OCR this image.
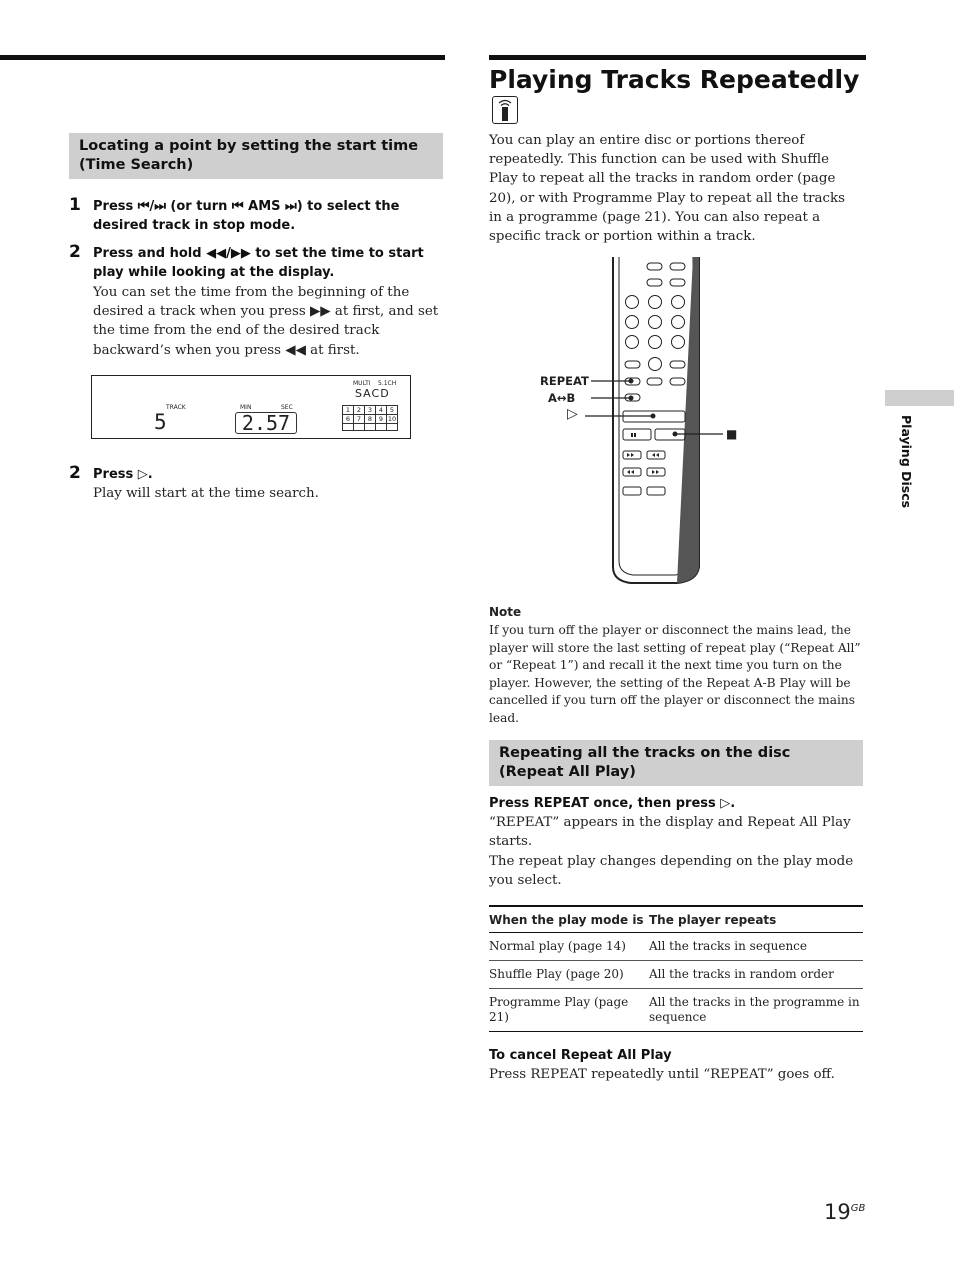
Locating a point by setting the start time (Time Search)
1 Press ⏮/⏭ (or turn ⏮ AMS ⏭) to select the desired track in stop mode.
2 Press and hold ◀◀/▶▶ to set the time to start play while looking at the display.
You can set the time from the beginning of the desired a track when you press ▶▶ at first, and set the time from the end of the desired track backward’s when you press ◀◀ at first.
MULTI 5.1CH
SACD
TRACK	MIN	SEC
5	2.57
1	2	3	4	5
6	7	8	9	10

2 Press ▷.
Play will start at the time search.
Playing Tracks Repeatedly
You can play an entire disc or portions thereof repeatedly. This function can be used with Shuffle Play to repeat all the tracks in random order (page 20), or with Programme Play to repeat all the tracks in a programme (page 21). You can also repeat a specific track or portion within a track.
REPEAT
A↔B
▷
■
Note
If you turn off the player or disconnect the mains lead, the player will store the last setting of repeat play (“Repeat All” or “Repeat 1”) and recall it the next time you turn on the player. However, the setting of the Repeat A-B Play will be cancelled if you turn off the player or disconnect the mains lead.
Repeating all the tracks on the disc (Repeat All Play)
Press REPEAT once, then press ▷.
“REPEAT” appears in the display and Repeat All Play starts.
The repeat play changes depending on the play mode you select.
When the play mode is	The player repeats
Normal play (page 14)	All the tracks in sequence
Shuffle Play (page 20)	All the tracks in random order
Programme Play (page 21)	All the tracks in the programme in sequence
To cancel Repeat All Play
Press REPEAT repeatedly until “REPEAT” goes off.
Playing Discs
$19^{GB}$
